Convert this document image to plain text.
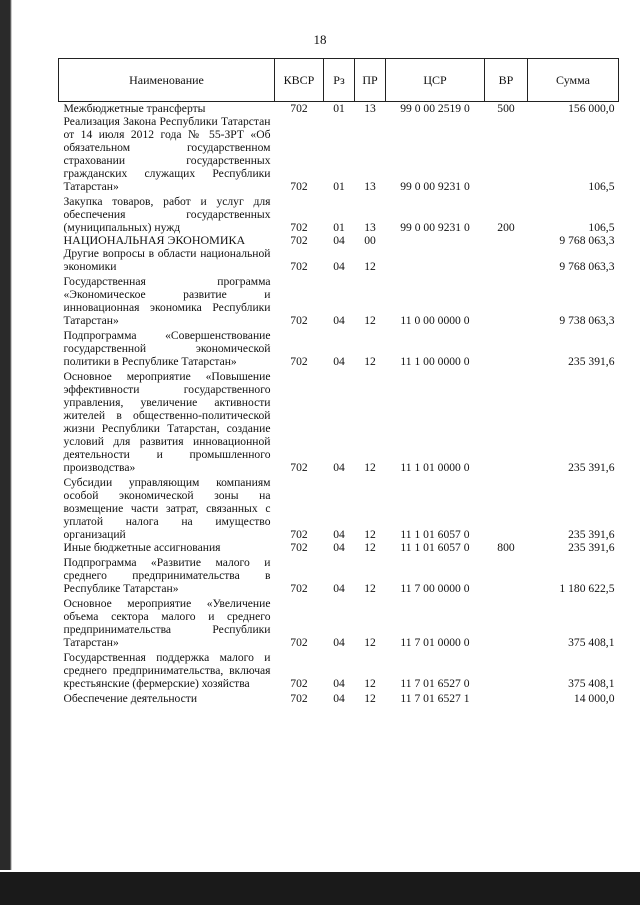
18
Наименование	КВСР	Рз	ПР	ЦСР	ВР	Сумма
Межбюджетные трансферты	702	01	13	99 0 00 2519 0	500	156 000,0
Реализация Закона Республики Татарстан от 14 июля 2012 года № 55-ЗРТ «Об обязательном государственном страховании государственных гражданских служащих Республики Татарстан»	702	01	13	99 0 00 9231 0		106,5

Закупка товаров, работ и услуг для обеспечения государственных (муниципальных) нужд	702	01	13	99 0 00 9231 0	200	106,5
НАЦИОНАЛЬНАЯ ЭКОНОМИКА	702	04	00			9 768 063,3
Другие вопросы в области национальной экономики	702	04	12			9 768 063,3

Государственная программа «Экономическое развитие и инновационная экономика Республики Татарстан»	702	04	12	11 0 00 0000 0		9 738 063,3

Подпрограмма «Совершенствование государственной экономической политики в Республике Татарстан»	702	04	12	11 1 00 0000 0		235 391,6

Основное мероприятие «Повышение эффективности государственного управления, увеличение активности жителей в общественно-политической жизни Республики Татарстан, создание условий для развития инновационной деятельности и промышленного производства»	702	04	12	11 1 01 0000 0		235 391,6

Субсидии управляющим компаниям особой экономической зоны на возмещение части затрат, связанных с уплатой налога на имущество организаций	702	04	12	11 1 01 6057 0		235 391,6
Иные бюджетные ассигнования	702	04	12	11 1 01 6057 0	800	235 391,6

Подпрограмма «Развитие малого и среднего предпринимательства в Республике Татарстан»	702	04	12	11 7 00 0000 0		1 180 622,5

Основное мероприятие «Увеличение объема сектора малого и среднего предпринимательства Республики Татарстан»	702	04	12	11 7 01 0000 0		375 408,1

Государственная поддержка малого и среднего предпринимательства, включая крестьянские (фермерские) хозяйства	702	04	12	11 7 01 6527 0		375 408,1

Обеспечение деятельности	702	04	12	11 7 01 6527 1		14 000,0
